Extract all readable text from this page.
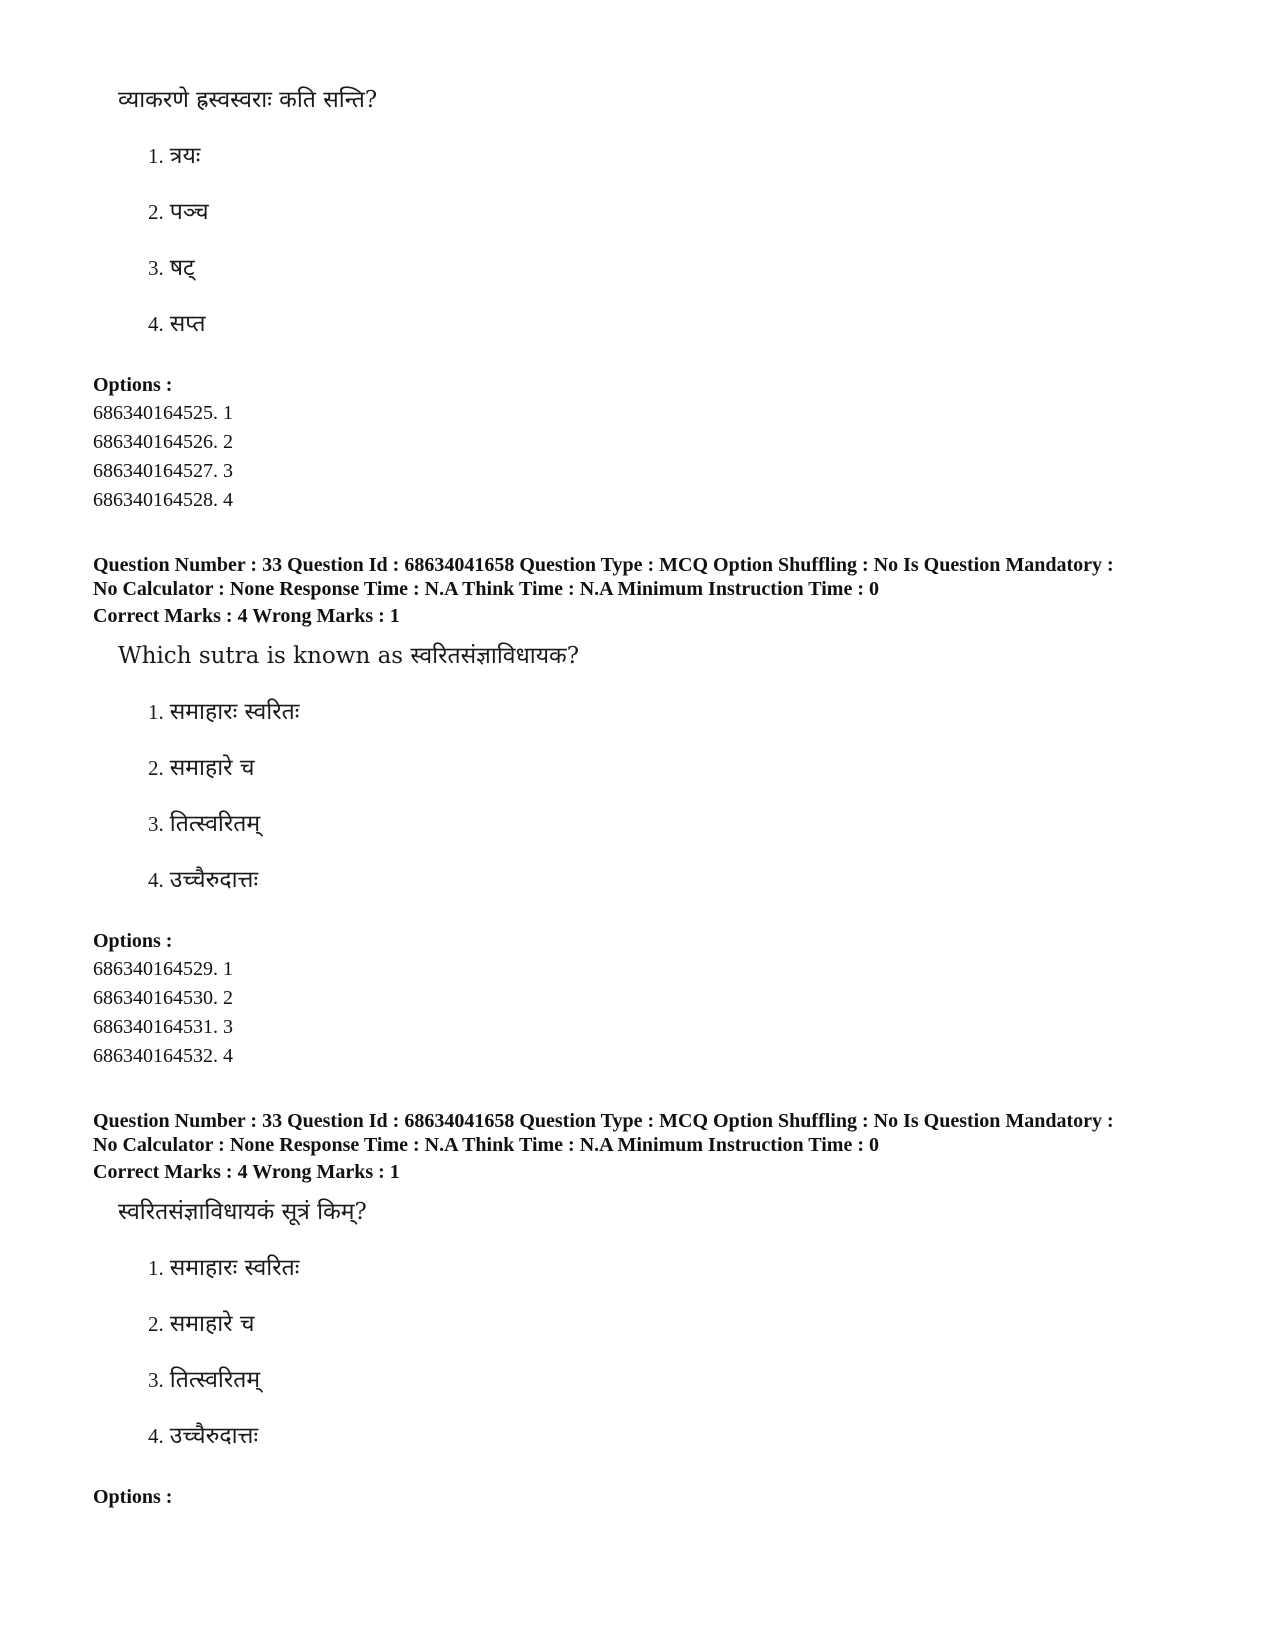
व्याकरणे ह्रस्वस्वराः कति सन्ति?
1. त्रयः
2. पञ्च
3. षट्
4. सप्त
Options :
686340164525. 1
686340164526. 2
686340164527. 3
686340164528. 4
Question Number : 33 Question Id : 68634041658 Question Type : MCQ Option Shuffling : No Is Question Mandatory :
No Calculator : None Response Time : N.A Think Time : N.A Minimum Instruction Time : 0
Correct Marks : 4 Wrong Marks : 1
Which sutra is known as स्वरितसंज्ञाविधायक?
1. समाहारः स्वरितः
2. समाहारे च
3. तित्स्वरितम्
4. उच्चैरुदात्तः
Options :
686340164529. 1
686340164530. 2
686340164531. 3
686340164532. 4
Question Number : 33 Question Id : 68634041658 Question Type : MCQ Option Shuffling : No Is Question Mandatory :
No Calculator : None Response Time : N.A Think Time : N.A Minimum Instruction Time : 0
Correct Marks : 4 Wrong Marks : 1
स्वरितसंज्ञाविधायकं सूत्रं किम्?
1. समाहारः स्वरितः
2. समाहारे च
3. तित्स्वरितम्
4. उच्चैरुदात्तः
Options :
